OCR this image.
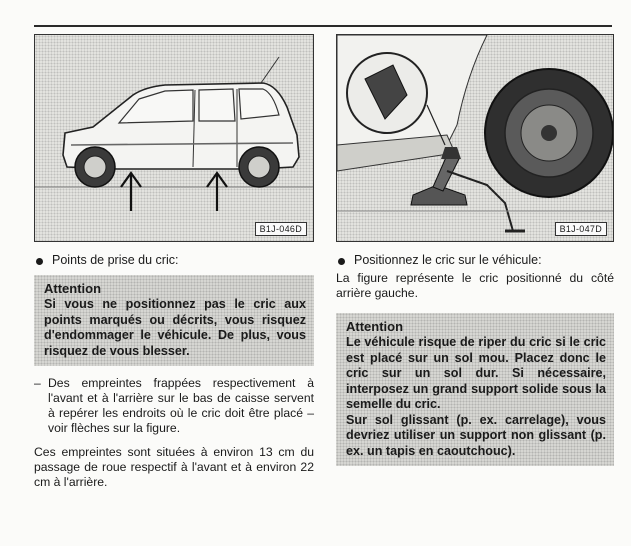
B1J-046D
Points de prise du cric:
Attention
Si vous ne positionnez pas le cric aux points marqués ou décrits, vous risquez d'endommager le véhicule. De plus, vous risquez de vous blesser.
– Des empreintes frappées respectivement à l'avant et à l'arrière sur le bas de caisse servent à repérer les endroits où le cric doit être placé – voir flèches sur la figure.
Ces empreintes sont situées à environ 13 cm du passage de roue respectif à l'avant et à environ 22 cm à l'arrière.
B1J-047D
Positionnez le cric sur le véhicule:
La figure représente le cric positionné du côté arrière gauche.
Attention

Le véhicule risque de riper du cric si le cric est placé sur un sol mou. Placez donc le cric sur un sol dur. Si nécessaire, interposez un grand support solide sous la semelle du cric.

Sur sol glissant (p. ex. carrelage), vous devriez utiliser un support non glissant (p. ex. un tapis en caoutchouc).
